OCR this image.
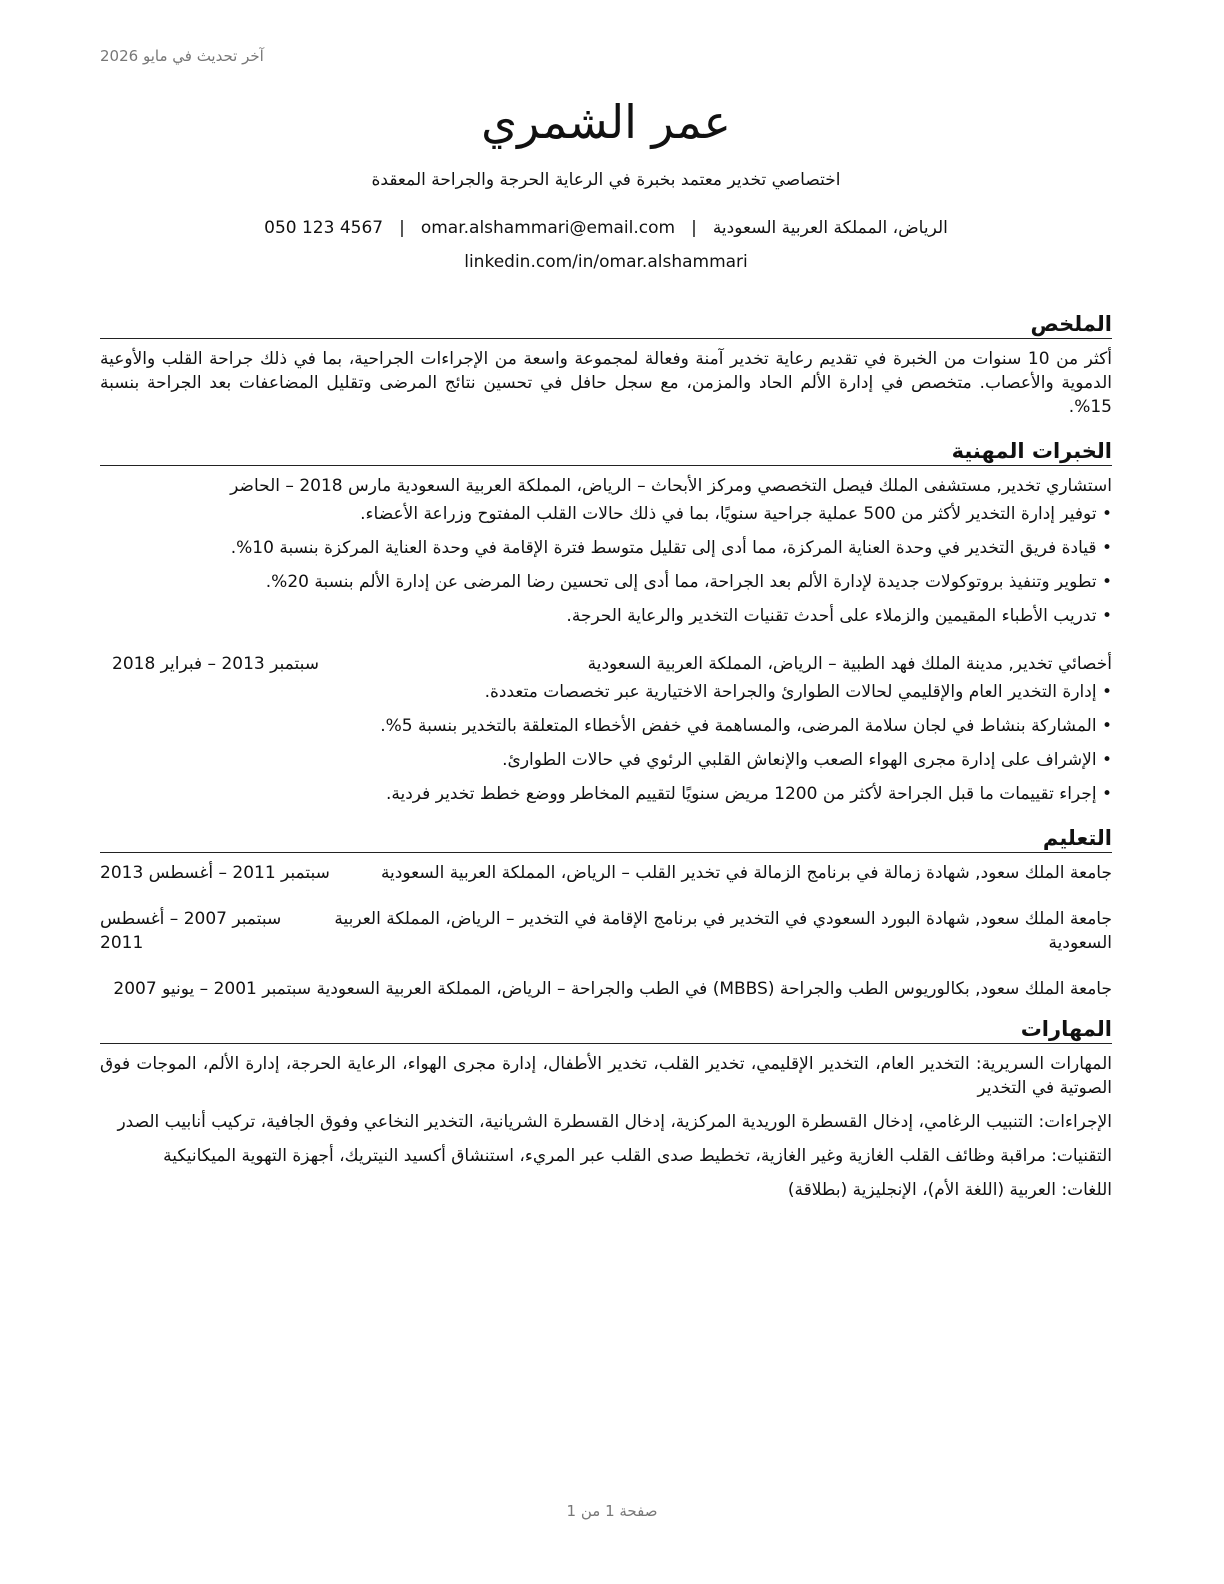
آخر تحديث في مايو 2026
عمر الشمري
اختصاصي تخدير معتمد بخبرة في الرعاية الحرجة والجراحة المعقدة
الرياض، المملكة العربية السعودية|omar.alshammari@email.com|050 123 4567
linkedin.com/in/omar.alshammari
الملخص

أكثر من 10 سنوات من الخبرة في تقديم رعاية تخدير آمنة وفعالة لمجموعة واسعة من الإجراءات الجراحية، بما في ذلك جراحة القلب والأوعية الدموية والأعصاب. متخصص في إدارة الألم الحاد والمزمن، مع سجل حافل في تحسين نتائج المرضى وتقليل المضاعفات بعد الجراحة بنسبة 15%.

الخبرات المهنية
استشاري تخدير, مستشفى الملك فيصل التخصصي ومركز الأبحاث – الرياض، المملكة العربية السعودية مارس 2018 – الحاضر
• توفير إدارة التخدير لأكثر من 500 عملية جراحية سنويًا، بما في ذلك حالات القلب المفتوح وزراعة الأعضاء.
• قيادة فريق التخدير في وحدة العناية المركزة، مما أدى إلى تقليل متوسط فترة الإقامة في وحدة العناية المركزة بنسبة 10%.
• تطوير وتنفيذ بروتوكولات جديدة لإدارة الألم بعد الجراحة، مما أدى إلى تحسين رضا المرضى عن إدارة الألم بنسبة 20%.
• تدريب الأطباء المقيمين والزملاء على أحدث تقنيات التخدير والرعاية الحرجة.
أخصائي تخدير, مدينة الملك فهد الطبية – الرياض، المملكة العربية السعودية
سبتمبر 2013 – فبراير 2018
• إدارة التخدير العام والإقليمي لحالات الطوارئ والجراحة الاختيارية عبر تخصصات متعددة.
• المشاركة بنشاط في لجان سلامة المرضى، والمساهمة في خفض الأخطاء المتعلقة بالتخدير بنسبة 5%.
• الإشراف على إدارة مجرى الهواء الصعب والإنعاش القلبي الرئوي في حالات الطوارئ.
• إجراء تقييمات ما قبل الجراحة لأكثر من 1200 مريض سنويًا لتقييم المخاطر ووضع خطط تخدير فردية.
التعليم
جامعة الملك سعود, شهادة زمالة في برنامج الزمالة في تخدير القلب – الرياض، المملكة العربية السعودية
سبتمبر 2011 – أغسطس 2013
جامعة الملك سعود, شهادة البورد السعودي في التخدير في برنامج الإقامة في التخدير – الرياض، المملكة العربية السعودية
سبتمبر 2007 – أغسطس 2011
جامعة الملك سعود, بكالوريوس الطب والجراحة (MBBS) في الطب والجراحة – الرياض، المملكة العربية السعودية سبتمبر 2001 – يونيو 2007
المهارات

المهارات السريرية: التخدير العام، التخدير الإقليمي، تخدير القلب، تخدير الأطفال، إدارة مجرى الهواء، الرعاية الحرجة، إدارة الألم، الموجات فوق الصوتية في التخدير

الإجراءات: التنبيب الرغامي، إدخال القسطرة الوريدية المركزية، إدخال القسطرة الشريانية، التخدير النخاعي وفوق الجافية، تركيب أنابيب الصدر

التقنيات: مراقبة وظائف القلب الغازية وغير الغازية، تخطيط صدى القلب عبر المريء، استنشاق أكسيد النيتريك، أجهزة التهوية الميكانيكية

اللغات: العربية (اللغة الأم)، الإنجليزية (بطلاقة)

صفحة 1 من 1
